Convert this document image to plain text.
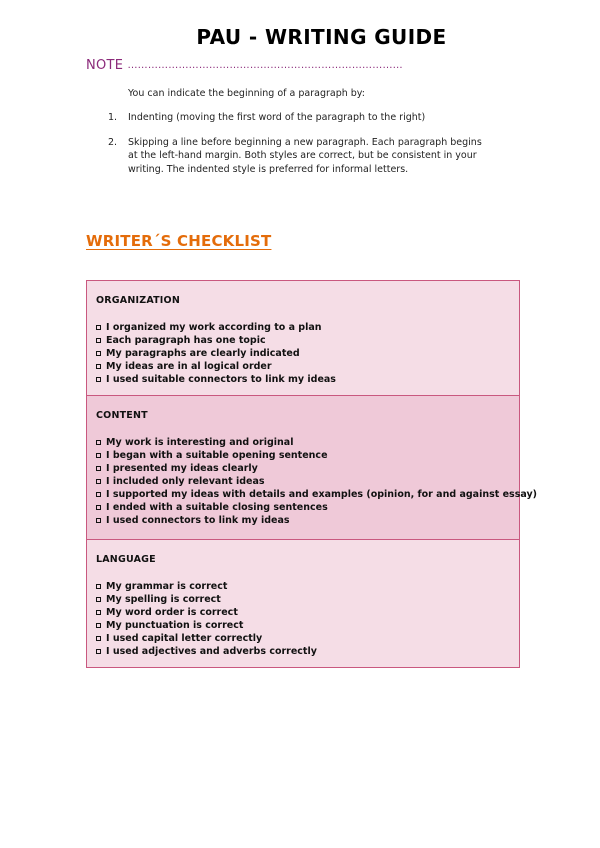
PAU - WRITING GUIDE
NOTE ………………………………………………………………………
You can indicate the beginning of a paragraph by:
1. Indenting (moving the first word of the paragraph to the right)
2. Skipping a line before beginning a new paragraph. Each paragraph begins at the left-hand margin. Both styles are correct, but be consistent in your writing. The indented style is preferred for informal letters.
WRITER´S CHECKLIST
ORGANIZATION
I organized my work according to a plan
Each paragraph has one topic
My paragraphs are clearly indicated
My ideas are in al logical order
I used suitable connectors to link my ideas
CONTENT
My work is interesting and original
I began with a suitable opening sentence
I presented my ideas clearly
I included only relevant ideas
I supported my ideas with details and examples (opinion, for and against essay)
I ended with a suitable closing sentences
I used connectors to link my ideas
LANGUAGE
My grammar is correct
My spelling is correct
My word order is correct
My punctuation is correct
I used capital letter correctly
I used adjectives and adverbs correctly
